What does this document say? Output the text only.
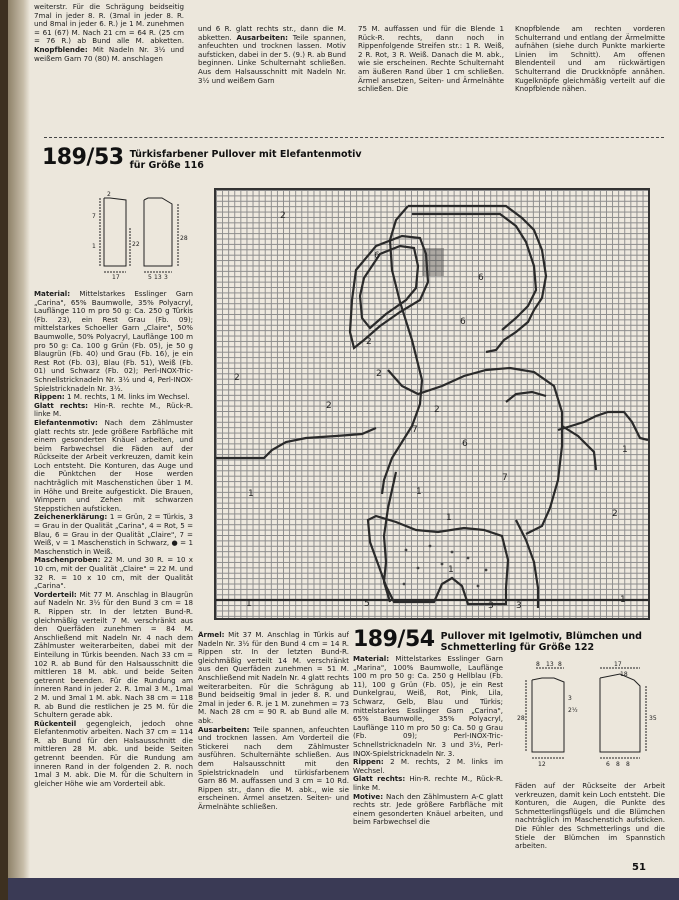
weiterstr. Für die Schrägung beidseitig 7mal in jeder 8. R. (3mal in jeder 8. R. und 8mal in jeder 6. R.) je 1 M. zunehmen = 61 (67) M. Nach 21 cm = 64 R. (25 cm = 76 R.) ab Bund alle M. abketten. Knopfblende: Mit Nadeln Nr. 3½ und weißem Garn 70 (80) M. anschlagen

und 6 R. glatt rechts str., dann die M. abketten. Ausarbeiten: Teile spannen, anfeuchten und trocknen lassen. Motiv aufsticken, dabei in der 5. (9.) R. ab Bund beginnen. Linke Schulternaht schließen. Aus dem Halsausschnitt mit Nadeln Nr. 3½ und weißem Garn

75 M. auffassen und für die Blende 1 Rück-R. rechts, dann noch in Rippenfolgende Streifen str.: 1 R. Weiß, 2 R. Rot, 3 R. Weiß. Danach die M. abk., wie sie erscheinen. Rechte Schulternaht am äußeren Rand über 1 cm schließen. Ärmel ansetzen, Seiten- und Ärmelnähte schließen. Die

Knopfblende am rechten vorderen Schulterrand und entlang der Ärmelmitte aufnähen (siehe durch Punkte markierte Linien im Schnitt). Am offenen Blendenteil und am rückwärtigen Schulterrand die Druckknöpfe annähen. Kugelknöpfe gleichmäßig verteilt auf die Knopfblende nähen.

189/53 Türkisfarbener Pullover mit Elefantenmotiv
für Größe 116
17
2
5 13 3
22
7
28
1

Material: Mittelstarkes Esslinger Garn „Carina", 65% Baumwolle, 35% Polyacryl, Lauflänge 110 m pro 50 g: Ca. 250 g Türkis (Fb. 23), ein Rest Grau (Fb. 09); mittelstarkes Schoeller Garn „Claire", 50% Baumwolle, 50% Polyacryl, Lauflänge 100 m pro 50 g: Ca. 100 g Grün (Fb. 05), je 50 g Blaugrün (Fb. 40) und Grau (Fb. 16), je ein Rest Rot (Fb. 03), Blau (Fb. 51), Weiß (Fb. 01) und Schwarz (Fb. 02); Perl-INOX-Tric-Schnellstricknadeln Nr. 3½ und 4, Perl-INOX-Spielstricknadeln Nr. 3½.

Rippen: 1 M. rechts, 1 M. links im Wechsel.

Glatt rechts: Hin-R. rechte M., Rück-R. linke M.

Elefantenmotiv: Nach dem Zählmuster glatt rechts str. Jede größere Farbfläche mit einem gesonderten Knäuel arbeiten, und beim Farbwechsel die Fäden auf der Rückseite der Arbeit verkreuzen, damit kein Loch entsteht. Die Konturen, das Auge und die Pünktchen der Hose werden nachträglich mit Maschenstichen über 1 M. in Höhe und Breite aufgestickt. Die Brauen, Wimpern und Zehen mit schwarzen Steppstichen aufsticken.

Zeichenerklärung: 1 = Grün, 2 = Türkis, 3 = Grau in der Qualität „Carina", 4 = Rot, 5 = Blau, 6 = Grau in der Qualität „Claire", 7 = Weiß, v = 1 Maschenstich in Schwarz, ● = 1 Maschenstich in Weiß.

Maschenproben: 22 M. und 30 R. = 10 x 10 cm, mit der Qualität „Claire" = 22 M. und 32 R. = 10 x 10 cm, mit der Qualität „Carina".

Vorderteil: Mit 77 M. Anschlag in Blaugrün auf Nadeln Nr. 3½ für den Bund 3 cm = 18 R. Rippen str. In der letzten Bund-R. gleichmäßig verteilt 7 M. verschränkt aus den Querfäden zunehmen = 84 M. Anschließend mit Nadeln Nr. 4 nach dem Zählmuster weiterarbeiten, dabei mit der Einteilung in Türkis beenden. Nach 33 cm = 102 R. ab Bund für den Halsausschnitt die mittleren 18 M. abk. und beide Seiten getrennt beenden. Für die Rundung am inneren Rand in jeder 2. R. 1mal 3 M., 1mal 2 M. und 3mal 1 M. abk. Nach 38 cm = 118 R. ab Bund die restlichen je 25 M. für die Schultern gerade abk.

Rückenteil gegengleich, jedoch ohne Elefantenmotiv arbeiten. Nach 37 cm = 114 R. ab Bund für den Halsausschnitt die mittleren 28 M. abk. und beide Seiten getrennt beenden. Für die Rundung am inneren Rand in der folgenden 2. R. noch 1mal 3 M. abk. Die M. für die Schultern in gleicher Höhe wie am Vorderteil abk.

2
2
6
6
6
2	2
2	2
7
6
1
1
1
7
1	2
1
1	5	3 3
1

Ärmel: Mit 37 M. Anschlag in Türkis auf Nadeln Nr. 3½ für den Bund 4 cm = 14 R. Rippen str. In der letzten Bund-R. gleichmäßig verteilt 14 M. verschränkt aus den Querfäden zunehmen = 51 M. Anschließend mit Nadeln Nr. 4 glatt rechts weiterarbeiten. Für die Schrägung ab Bund beidseitig 9mal in jeder 8. R. und 2mal in jeder 6. R. je 1 M. zunehmen = 73 M. Nach 28 cm = 90 R. ab Bund alle M. abk.

Ausarbeiten: Teile spannen, anfeuchten und trocknen lassen. Am Vorderteil die Stickerei nach dem Zählmuster ausführen. Schulternähte schließen. Aus dem Halsausschnitt mit den Spielstricknadeln und türkisfarbenem Garn 86 M. auffassen und 3 cm = 10 Rd. Rippen str., dann die M. abk., wie sie erscheinen. Ärmel ansetzen. Seiten- und Ärmelnähte schließen.

189/54 Pullover mit Igelmotiv, Blümchen und
Schmetterling für Größe 122

Material: Mittelstarkes Esslinger Garn „Marina", 100% Baumwolle, Lauflänge 100 m pro 50 g: Ca. 250 g Hellblau (Fb. 11), 100 g Grün (Fb. 05), je ein Rest Dunkelgrau, Weiß, Rot, Pink, Lila, Schwarz, Gelb, Blau und Türkis; mittelstarkes Esslinger Garn „Carina", 65% Baumwolle, 35% Polyacryl, Lauflänge 110 m pro 50 g: Ca. 50 g Grau (Fb. 09); Perl-INOX-Tric-Schnellstricknadeln Nr. 3 und 3½, Perl-INOX-Spielstricknadeln Nr. 3.

Rippen: 2 M. rechts, 2 M. links im Wechsel.

Glatt rechts: Hin-R. rechte M., Rück-R. linke M.

Motive: Nach den Zählmustern A-C glatt rechts str. Jede größere Farbfläche mit einem gesonderten Knäuel arbeiten, und beim Farbwechsel die

8 13 8
28
17
18
3
2½
12	6 8 8
35

Fäden auf der Rückseite der Arbeit verkreuzen, damit kein Loch entsteht. Die Konturen, die Augen, die Punkte des Schmetterlingsflügels und die Blümchen nachträglich im Maschenstich aufsticken. Die Fühler des Schmetterlings und die Stiele der Blümchen im Spannstich arbeiten.

51
